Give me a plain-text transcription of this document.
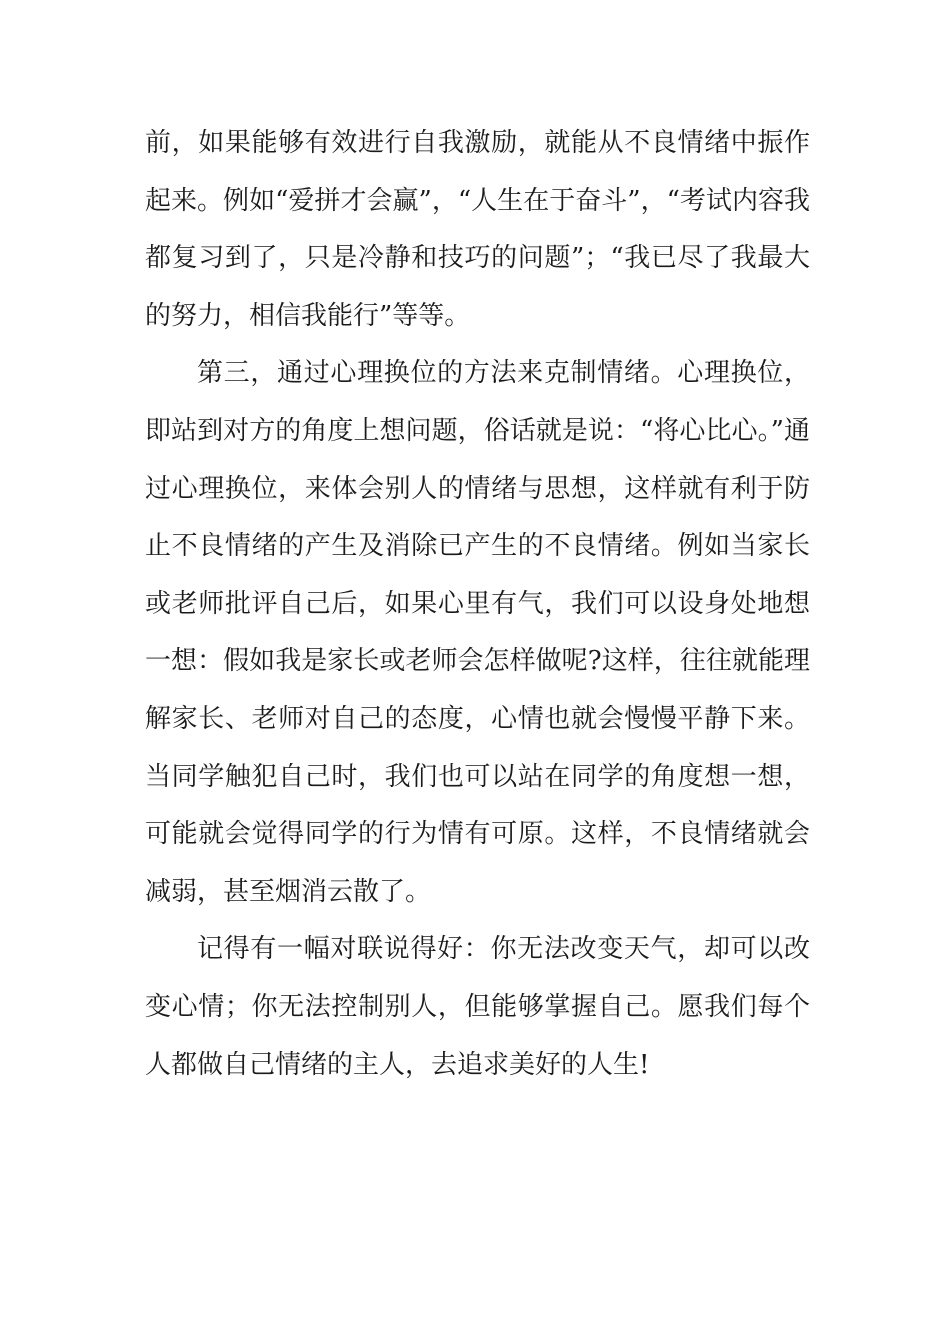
前，如果能够有效进行自我激励，就能从不良情绪中振作起来。例如“爱拼才会赢”，“人生在于奋斗”，“考试内容我都复习到了，只是冷静和技巧的问题”；“我已尽了我最大的努力，相信我能行”等等。

第三，通过心理换位的方法来克制情绪。心理换位，即站到对方的角度上想问题，俗话就是说：“将心比心。”通过心理换位，来体会别人的情绪与思想，这样就有利于防止不良情绪的产生及消除已产生的不良情绪。例如当家长或老师批评自己后，如果心里有气，我们可以设身处地想一想：假如我是家长或老师会怎样做呢?这样，往往就能理解家长、老师对自己的态度，心情也就会慢慢平静下来。当同学触犯自己时，我们也可以站在同学的角度想一想，可能就会觉得同学的行为情有可原。这样，不良情绪就会减弱，甚至烟消云散了。

记得有一幅对联说得好：你无法改变天气，却可以改变心情；你无法控制别人，但能够掌握自己。愿我们每个人都做自己情绪的主人，去追求美好的人生!
